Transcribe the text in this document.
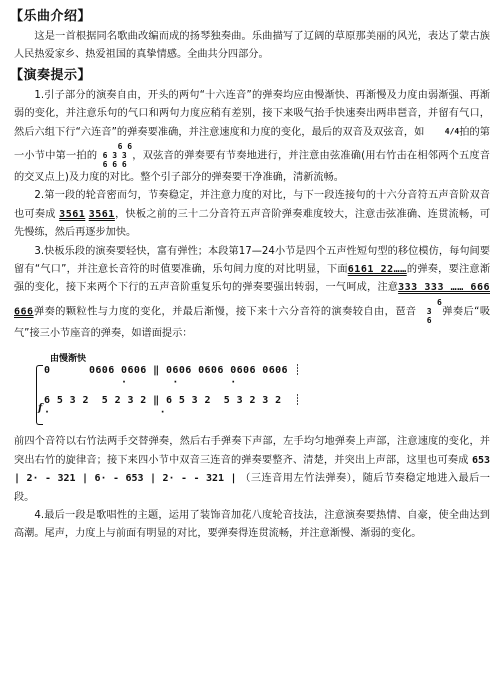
【乐曲介绍】

这是一首根据同名歌曲改编而成的扬琴独奏曲。乐曲描写了辽阔的草原那美丽的风光，表达了蒙古族人民热爱家乡、热爱祖国的真挚情感。全曲共分四部分。

【演奏提示】

1.引子部分的演奏自由，开头的两句“十六连音”的弹奏均应由慢渐快、再渐慢及力度由弱渐强、再渐弱的变化，并注意乐句的气口和两句力度应稍有差别，接下来吸气抬手快速奏出两串琶音，并留有气口，然后六组下行“六连音”的弹奏要准确，并注意速度和力度的变化，最后的双音及双弦音，如	4/4拍的第一小节中第一拍的6 6
6 3 3
6 6 6，双弦音的弹奏要有节奏地进行，并注意由弦准确(用右竹击在相邻两个五度音的交叉点上)及力度的对比。整个引子部分的弹奏要干净准确，清新流畅。

2.第一段的轮音密而匀，节奏稳定，并注意力度的对比，与下一段连接句的十六分音符五声音阶双音也可奏成 3561 3561，快板之前的三十二分音符五声音阶弹奏难度较大，注意击弦准确、连贯流畅，可先慢练，然后再逐步加快。

3.快板乐段的演奏要轻快，富有弹性；本段第17—24小节是四个五声性短句型的移位模仿，每句间要留有“气口”，并注意长音符的时值要准确，乐句间力度的对比明显，下面6161 22……的弹奏，要注意渐强的变化，接下来两个下行的五声音阶重复乐句的弹奏要强出转弱，一气呵成，注意333 333 …… 666 666弹奏的颗粒性与力度的变化，并最后渐慢，接下来十六分音符的演奏较自由，琶音6
3
6弹奏后“吸气”接三小节座音的弹奏，如谱面提示：

由慢渐快
0      0606 0606 ‖ 0606 0606 0606 0606 ┊
·       ·        ·
6 5 3 2  5 2 3 2 ‖ 6 5 3 2  5 3 2 3 2  ┊
·                 ·
f

前四个音符以右竹法两手交替弹奏，然后右手弹奏下声部，左手均匀地弹奏上声部，注意速度的变化，并突出右竹的旋律音；接下来四小节中双音三连音的弹奏要整齐、清楚，并突出上声部，这里也可奏成 653 | 2· - 321 | 6· - 653 | 2· - - 321 | （三连音用左竹法弹奏），随后节奏稳定地进入最后一段。

4.最后一段是歌唱性的主题，运用了装饰音加花八度轮音技法，注意演奏要热情、自豪，使全曲达到高潮。尾声，力度上与前面有明显的对比，要弹奏得连贯流畅，并注意渐慢、渐弱的变化。
